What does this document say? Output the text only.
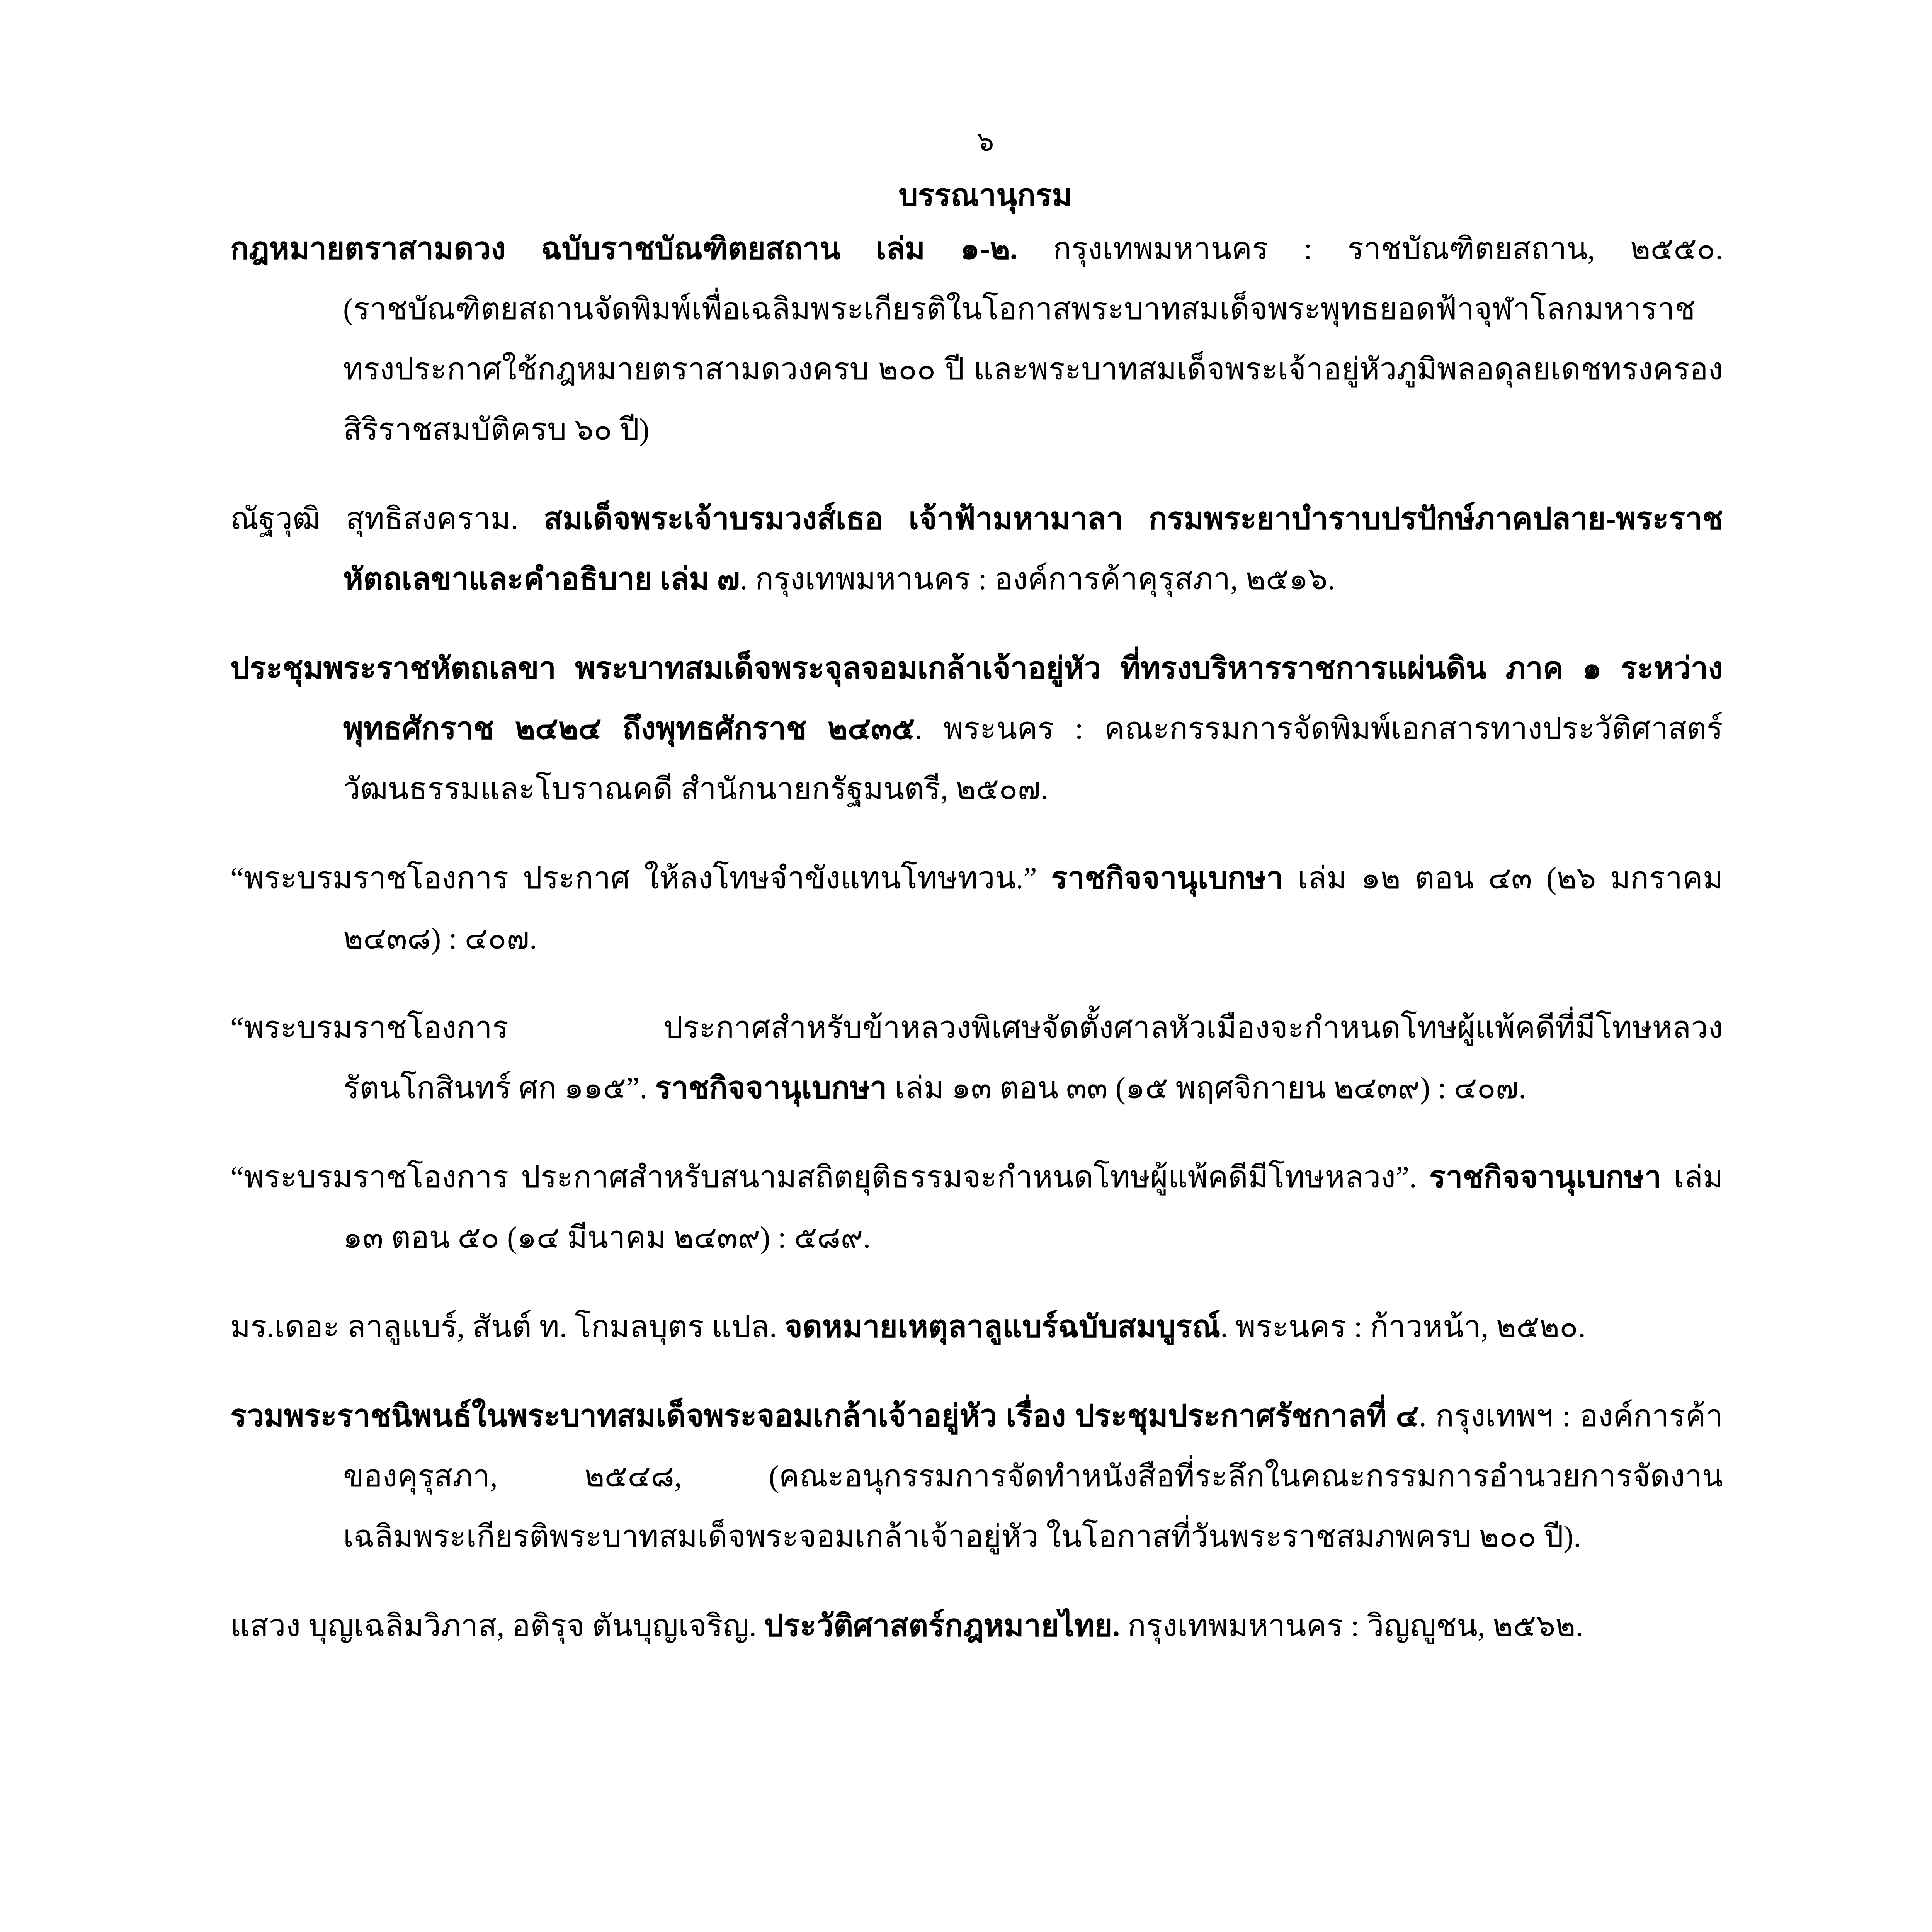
๖
บรรณานุกรม

กฎหมายตราสามดวง ฉบับราชบัณฑิตยสถาน เล่ม ๑-๒. กรุงเทพมหานคร : ราชบัณฑิตยสถาน, ๒๕๕๐. (ราชบัณฑิตยสถานจัดพิมพ์เพื่อเฉลิมพระเกียรติในโอกาสพระบาทสมเด็จพระพุทธยอดฟ้าจุฬาโลกมหาราชทรงประกาศใช้กฎหมายตราสามดวงครบ ๒๐๐ ปี และพระบาทสมเด็จพระเจ้าอยู่หัวภูมิพลอดุลยเดชทรงครองสิริราชสมบัติครบ ๖๐ ปี)

ณัฐวุฒิ สุทธิสงคราม. สมเด็จพระเจ้าบรมวงส์เธอ เจ้าฟ้ามหามาลา กรมพระยาบำราบปรปักษ์ภาคปลาย-พระราชหัตถเลขาและคำอธิบาย เล่ม ๗. กรุงเทพมหานคร : องค์การค้าคุรุสภา, ๒๕๑๖.

ประชุมพระราชหัตถเลขา พระบาทสมเด็จพระจุลจอมเกล้าเจ้าอยู่หัว ที่ทรงบริหารราชการแผ่นดิน ภาค ๑ ระหว่างพุทธศักราช ๒๔๒๔ ถึงพุทธศักราช ๒๔๓๕. พระนคร : คณะกรรมการจัดพิมพ์เอกสารทางประวัติศาสตร์ วัฒนธรรมและโบราณคดี สำนักนายกรัฐมนตรี, ๒๕๐๗.

“พระบรมราชโองการ ประกาศ ให้ลงโทษจำขังแทนโทษทวน.” ราชกิจจานุเบกษา เล่ม ๑๒ ตอน ๔๓ (๒๖ มกราคม ๒๔๓๘) : ๔๐๗.

“พระบรมราชโองการ ประกาศสำหรับข้าหลวงพิเศษจัดตั้งศาลหัวเมืองจะกำหนดโทษผู้แพ้คดีที่มีโทษหลวงรัตนโกสินทร์ ศก ๑๑๕”. ราชกิจจานุเบกษา เล่ม ๑๓ ตอน ๓๓ (๑๕ พฤศจิกายน ๒๔๓๙) : ๔๐๗.

“พระบรมราชโองการ ประกาศสำหรับสนามสถิตยุติธรรมจะกำหนดโทษผู้แพ้คดีมีโทษหลวง”. ราชกิจจานุเบกษา เล่ม ๑๓ ตอน ๕๐ (๑๔ มีนาคม ๒๔๓๙) : ๕๘๙.

มร.เดอะ ลาลูแบร์, สันต์ ท. โกมลบุตร แปล. จดหมายเหตุลาลูแบร์ฉบับสมบูรณ์. พระนคร : ก้าวหน้า, ๒๕๒๐.

รวมพระราชนิพนธ์ในพระบาทสมเด็จพระจอมเกล้าเจ้าอยู่หัว เรื่อง ประชุมประกาศรัชกาลที่ ๔. กรุงเทพฯ : องค์การค้าของคุรุสภา, ๒๕๔๘, (คณะอนุกรรมการจัดทำหนังสือที่ระลึกในคณะกรรมการอำนวยการจัดงานเฉลิมพระเกียรติพระบาทสมเด็จพระจอมเกล้าเจ้าอยู่หัว ในโอกาสที่วันพระราชสมภพครบ ๒๐๐ ปี).

แสวง บุญเฉลิมวิภาส, อติรุจ ตันบุญเจริญ. ประวัติศาสตร์กฎหมายไทย. กรุงเทพมหานคร : วิญญูชน, ๒๕๖๒.
